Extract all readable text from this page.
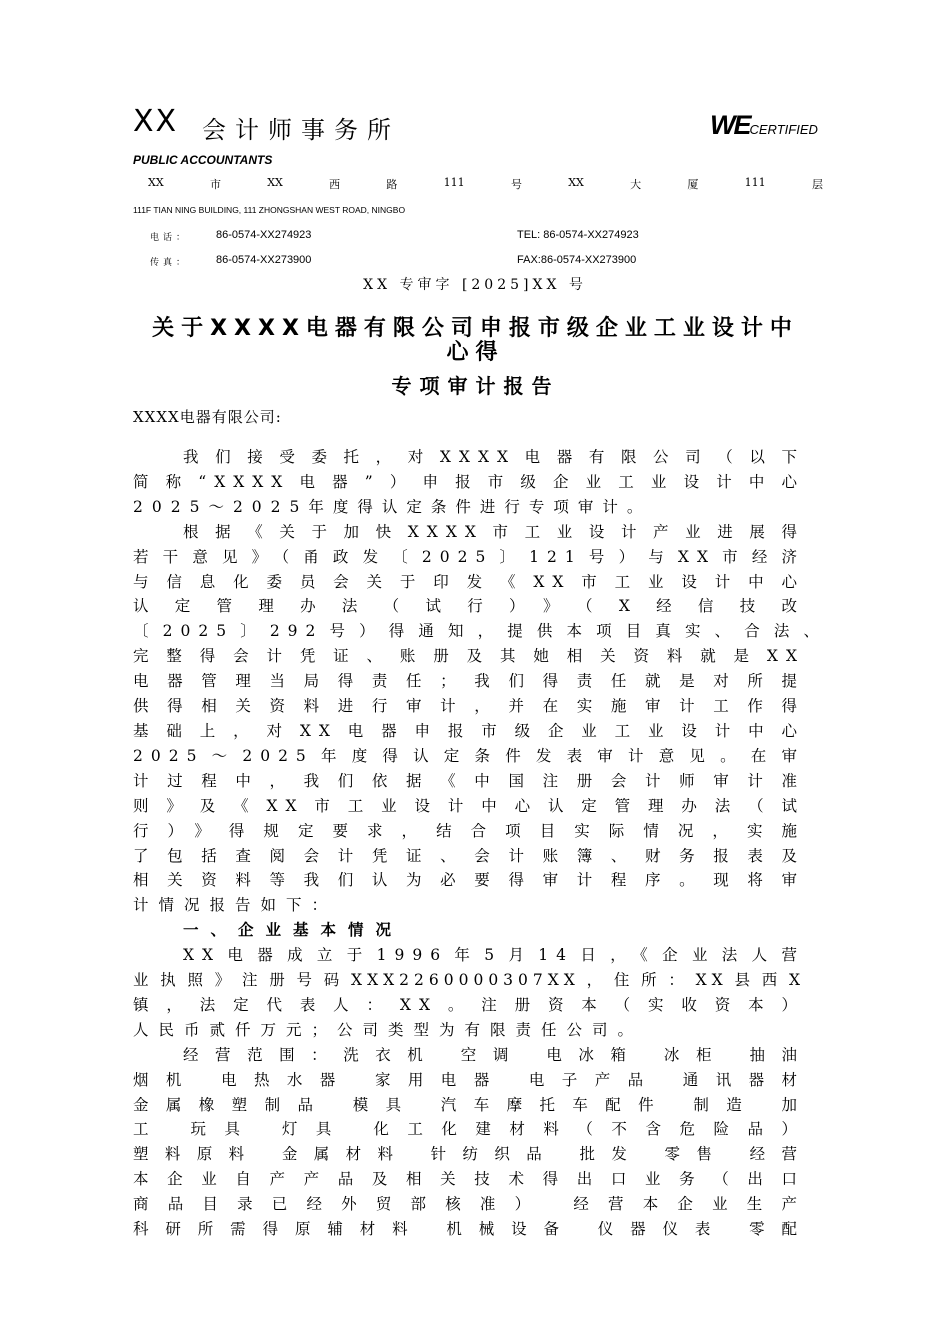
XX 会计师事务所	WECERTIFIED
PUBLIC ACCOUNTANTS
XX	市	XX	西	路	111	号	XX	大	厦	111	层
111F TIAN NING BUILDING, 111 ZHONGSHAN WEST ROAD, NINGBO
电话： 86-0574-XX274923	TEL: 86-0574-XX274923
传真： 86-0574-XX273900	FAX:86-0574-XX273900
XX 专审字 [2025]XX 号
关于XXXX电器有限公司申报市级企业工业设计中
心得
专项审计报告
XXXX电器有限公司:

我们接受委托，对XXXX电器有限公司（以下

简称“XXXX电器”）申报市级企业工业设计中心

2025～2025年度得认定条件进行专项审计。

根据《关于加快XXXX市工业设计产业进展得

若干意见》（甬政发〔2025〕121号）与XX市经济

与信息化委员会关于印发《XX市工业设计中心

认定管理办法（试行）》（X经信技改

〔2025〕292号）得通知，提供本项目真实、合法、

完整得会计凭证、账册及其她相关资料就是XX

电器管理当局得责任；我们得责任就是对所提

供得相关资料进行审计，并在实施审计工作得

基础上，对XX电器申报市级企业工业设计中心

2025～2025年度得认定条件发表审计意见。在审

计过程中，我们依据《中国注册会计师审计准

则》及《XX市工业设计中心认定管理办法（试

行）》得规定要求，结合项目实际情况，实施

了包括查阅会计凭证、会计账簿、财务报表及

相关资料等我们认为必要得审计程序。现将审

计情况报告如下：

一、企业基本情况

XX电器成立于1996年5月14日，《企业法人营

业执照》注册号码XXX2260000307XX，住所：XX县西X

镇，法定代表人：XX。注册资本（实收资本）

人民币贰仟万元；公司类型为有限责任公司。

经营范围：洗衣机 空调 电冰箱 冰柜 抽油

烟机 电热水器 家用电器 电子产品 通讯器材

金属橡塑制品 模具 汽车摩托车配件 制造 加

工 玩具 灯具 化工化建材料（不含危险品）

塑料原料 金属材料 针纺织品 批发 零售 经营

本企业自产产品及相关技术得出口业务（出口

商品目录已经外贸部核准） 经营本企业生产

科研所需得原辅材料 机械设备 仪器仪表 零配
